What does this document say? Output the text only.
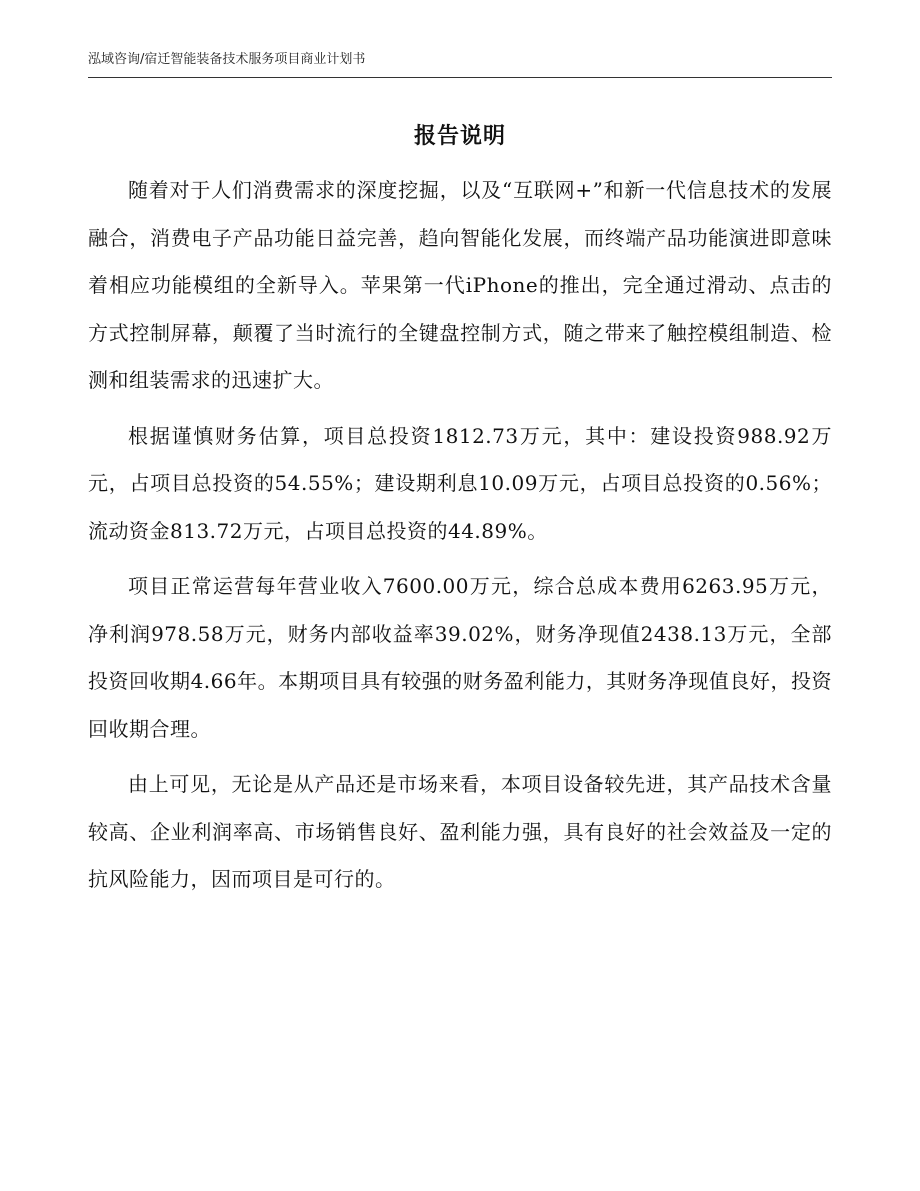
泓域咨询/宿迁智能装备技术服务项目商业计划书
报告说明

随着对于人们消费需求的深度挖掘，以及“互联网+”和新一代信息技术的发展融合，消费电子产品功能日益完善，趋向智能化发展，而终端产品功能演进即意味着相应功能模组的全新导入。苹果第一代iPhone的推出，完全通过滑动、点击的方式控制屏幕，颠覆了当时流行的全键盘控制方式，随之带来了触控模组制造、检测和组装需求的迅速扩大。

根据谨慎财务估算，项目总投资1812.73万元，其中：建设投资988.92万元，占项目总投资的54.55%；建设期利息10.09万元，占项目总投资的0.56%；流动资金813.72万元，占项目总投资的44.89%。

项目正常运营每年营业收入7600.00万元，综合总成本费用6263.95万元，净利润978.58万元，财务内部收益率39.02%，财务净现值2438.13万元，全部投资回收期4.66年。本期项目具有较强的财务盈利能力，其财务净现值良好，投资回收期合理。

由上可见，无论是从产品还是市场来看，本项目设备较先进，其产品技术含量较高、企业利润率高、市场销售良好、盈利能力强，具有良好的社会效益及一定的抗风险能力，因而项目是可行的。
